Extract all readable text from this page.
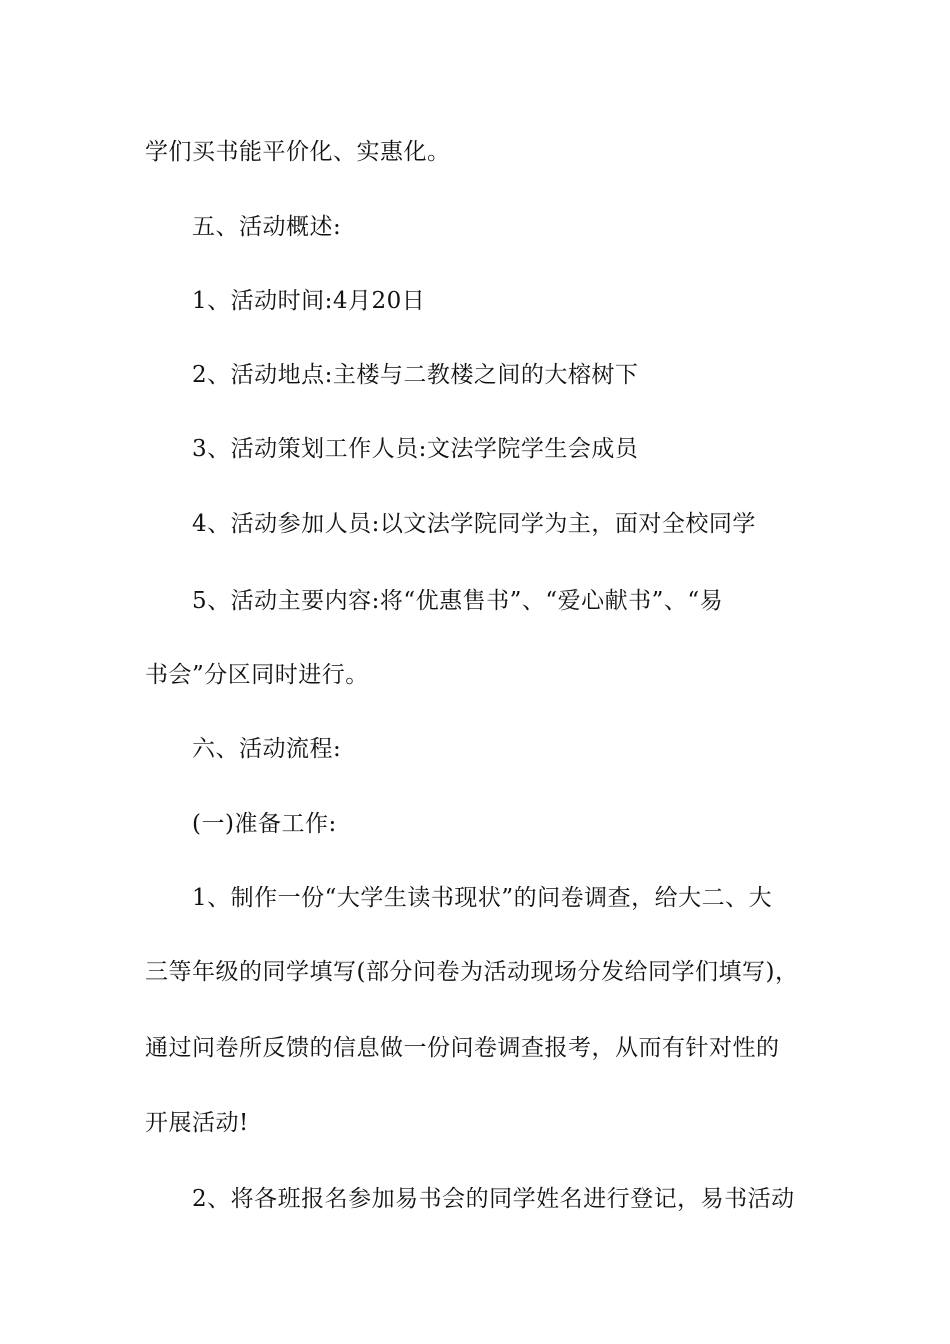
学们买书能平价化、实惠化。
五、活动概述:
1、活动时间:4月20日
2、活动地点:主楼与二教楼之间的大榕树下
3、活动策划工作人员:文法学院学生会成员
4、活动参加人员:以文法学院同学为主，面对全校同学
5、活动主要内容:将“优惠售书”、“爱心献书”、“易
书会”分区同时进行。
六、活动流程:
(一)准备工作:
1、制作一份“大学生读书现状”的问卷调查，给大二、大
三等年级的同学填写(部分问卷为活动现场分发给同学们填写)，
通过问卷所反馈的信息做一份问卷调查报考，从而有针对性的
开展活动!
2、将各班报名参加易书会的同学姓名进行登记，易书活动
